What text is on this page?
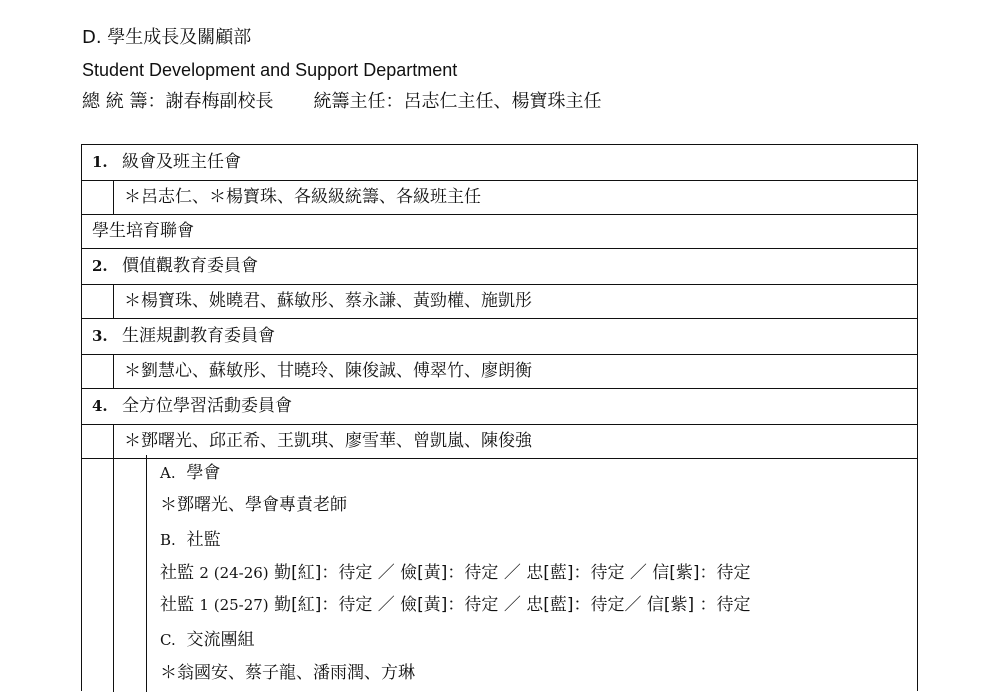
D. 學生成長及關顧部
Student Development and Support Department
總 統 籌：謝春梅副校長 統籌主任：呂志仁主任、楊寶珠主任
1. 級會及班主任會
＊呂志仁、＊楊寶珠、各級級統籌、各級班主任
學生培育聯會
2. 價值觀教育委員會
＊楊寶珠、姚曉君、蘇敏彤、蔡永謙、黃勁權、施凱彤
3. 生涯規劃教育委員會
＊劉慧心、蘇敏彤、甘曉玲、陳俊誠、傅翠竹、廖朗衡
4. 全方位學習活動委員會
＊鄧曙光、邱正希、王凱琪、廖雪華、曾凱嵐、陳俊強
A. 學會
＊鄧曙光、學會專責老師
B. 社監
社監 2 (24-26) 勤[紅]：待定 ／ 儉[黃]：待定 ／ 忠[藍]：待定 ／ 信[紫]：待定
社監 1 (25-27) 勤[紅]：待定 ／ 儉[黃]：待定 ／ 忠[藍]：待定／ 信[紫] ：待定
C. 交流團組
＊翁國安、蔡子龍、潘雨潤、方琳
